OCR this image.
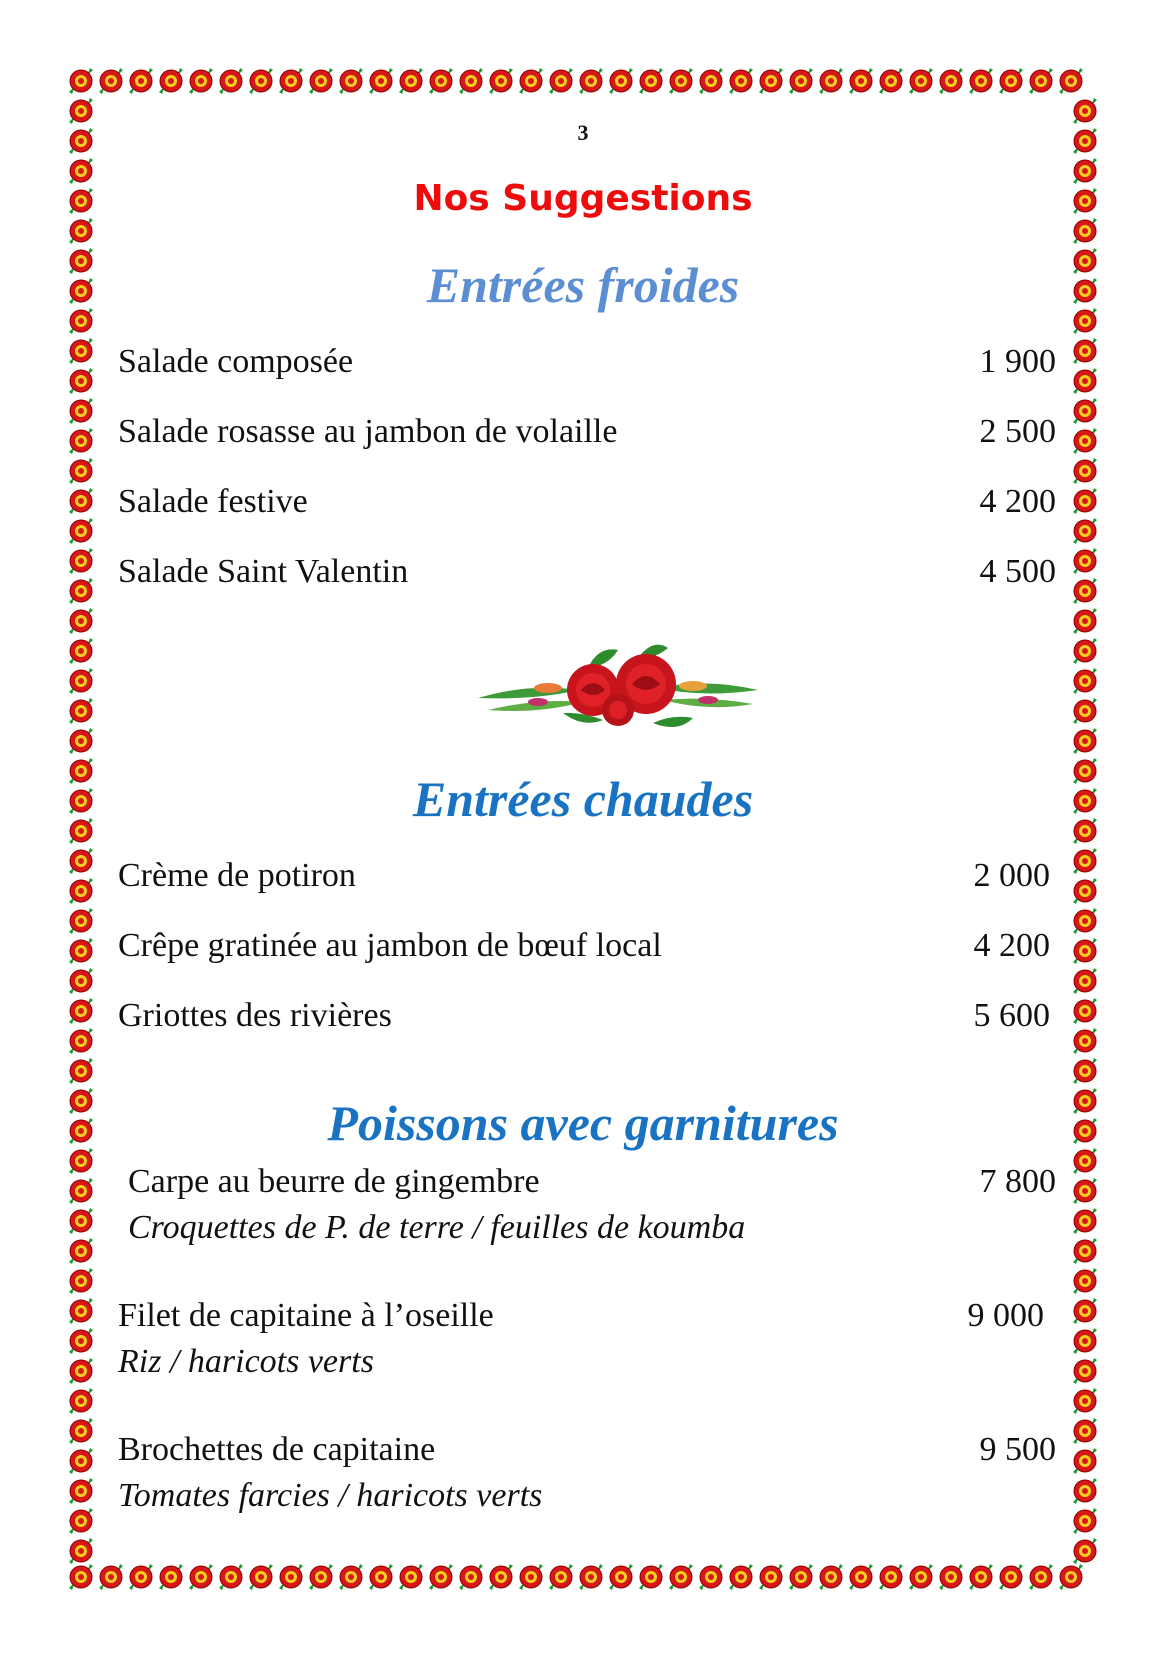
3
Nos Suggestions
Entrées froides
Salade composée	1 900
Salade rosasse au jambon de volaille	2 500
Salade festive	4 200
Salade Saint Valentin	4 500
Entrées chaudes
Crème de potiron	2 000
Crêpe gratinée au jambon de bœuf local	4 200
Griottes des rivières	5 600
Poissons avec garnitures
Carpe au beurre de gingembre	7 800
Croquettes de P. de terre / feuilles de koumba
Filet de capitaine à l’oseille	9 000
Riz / haricots verts
Brochettes de capitaine	9 500
Tomates farcies / haricots verts
